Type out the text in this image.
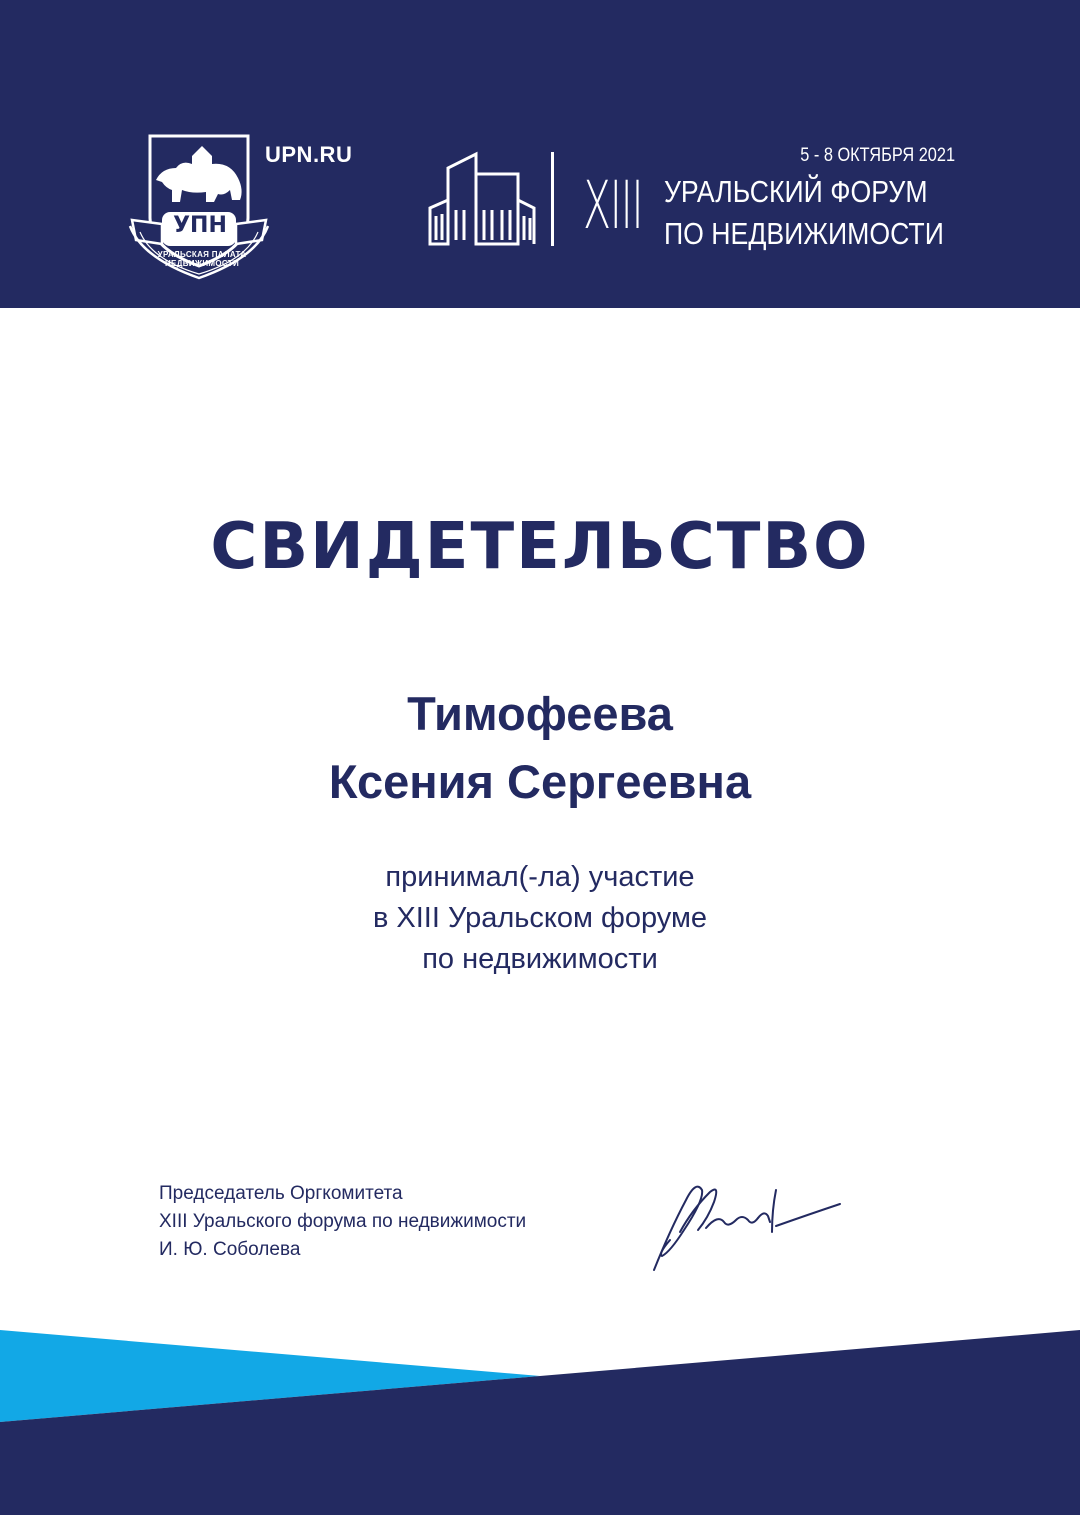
УПН
УРАЛЬСКАЯ ПАЛАТА НЕДВИЖИМОСТИ
UPN.RU
XIII
5 - 8 ОКТЯБРЯ 2021
УРАЛЬСКИЙ ФОРУМ
ПО НЕДВИЖИМОСТИ
СВИДЕТЕЛЬСТВО
Тимофеева
Ксения Сергеевна
принимал(-ла) участие
в XIII Уральском форуме
по недвижимости
Председатель Оргкомитета
XIII Уральского форума по недвижимости
И. Ю. Соболева
